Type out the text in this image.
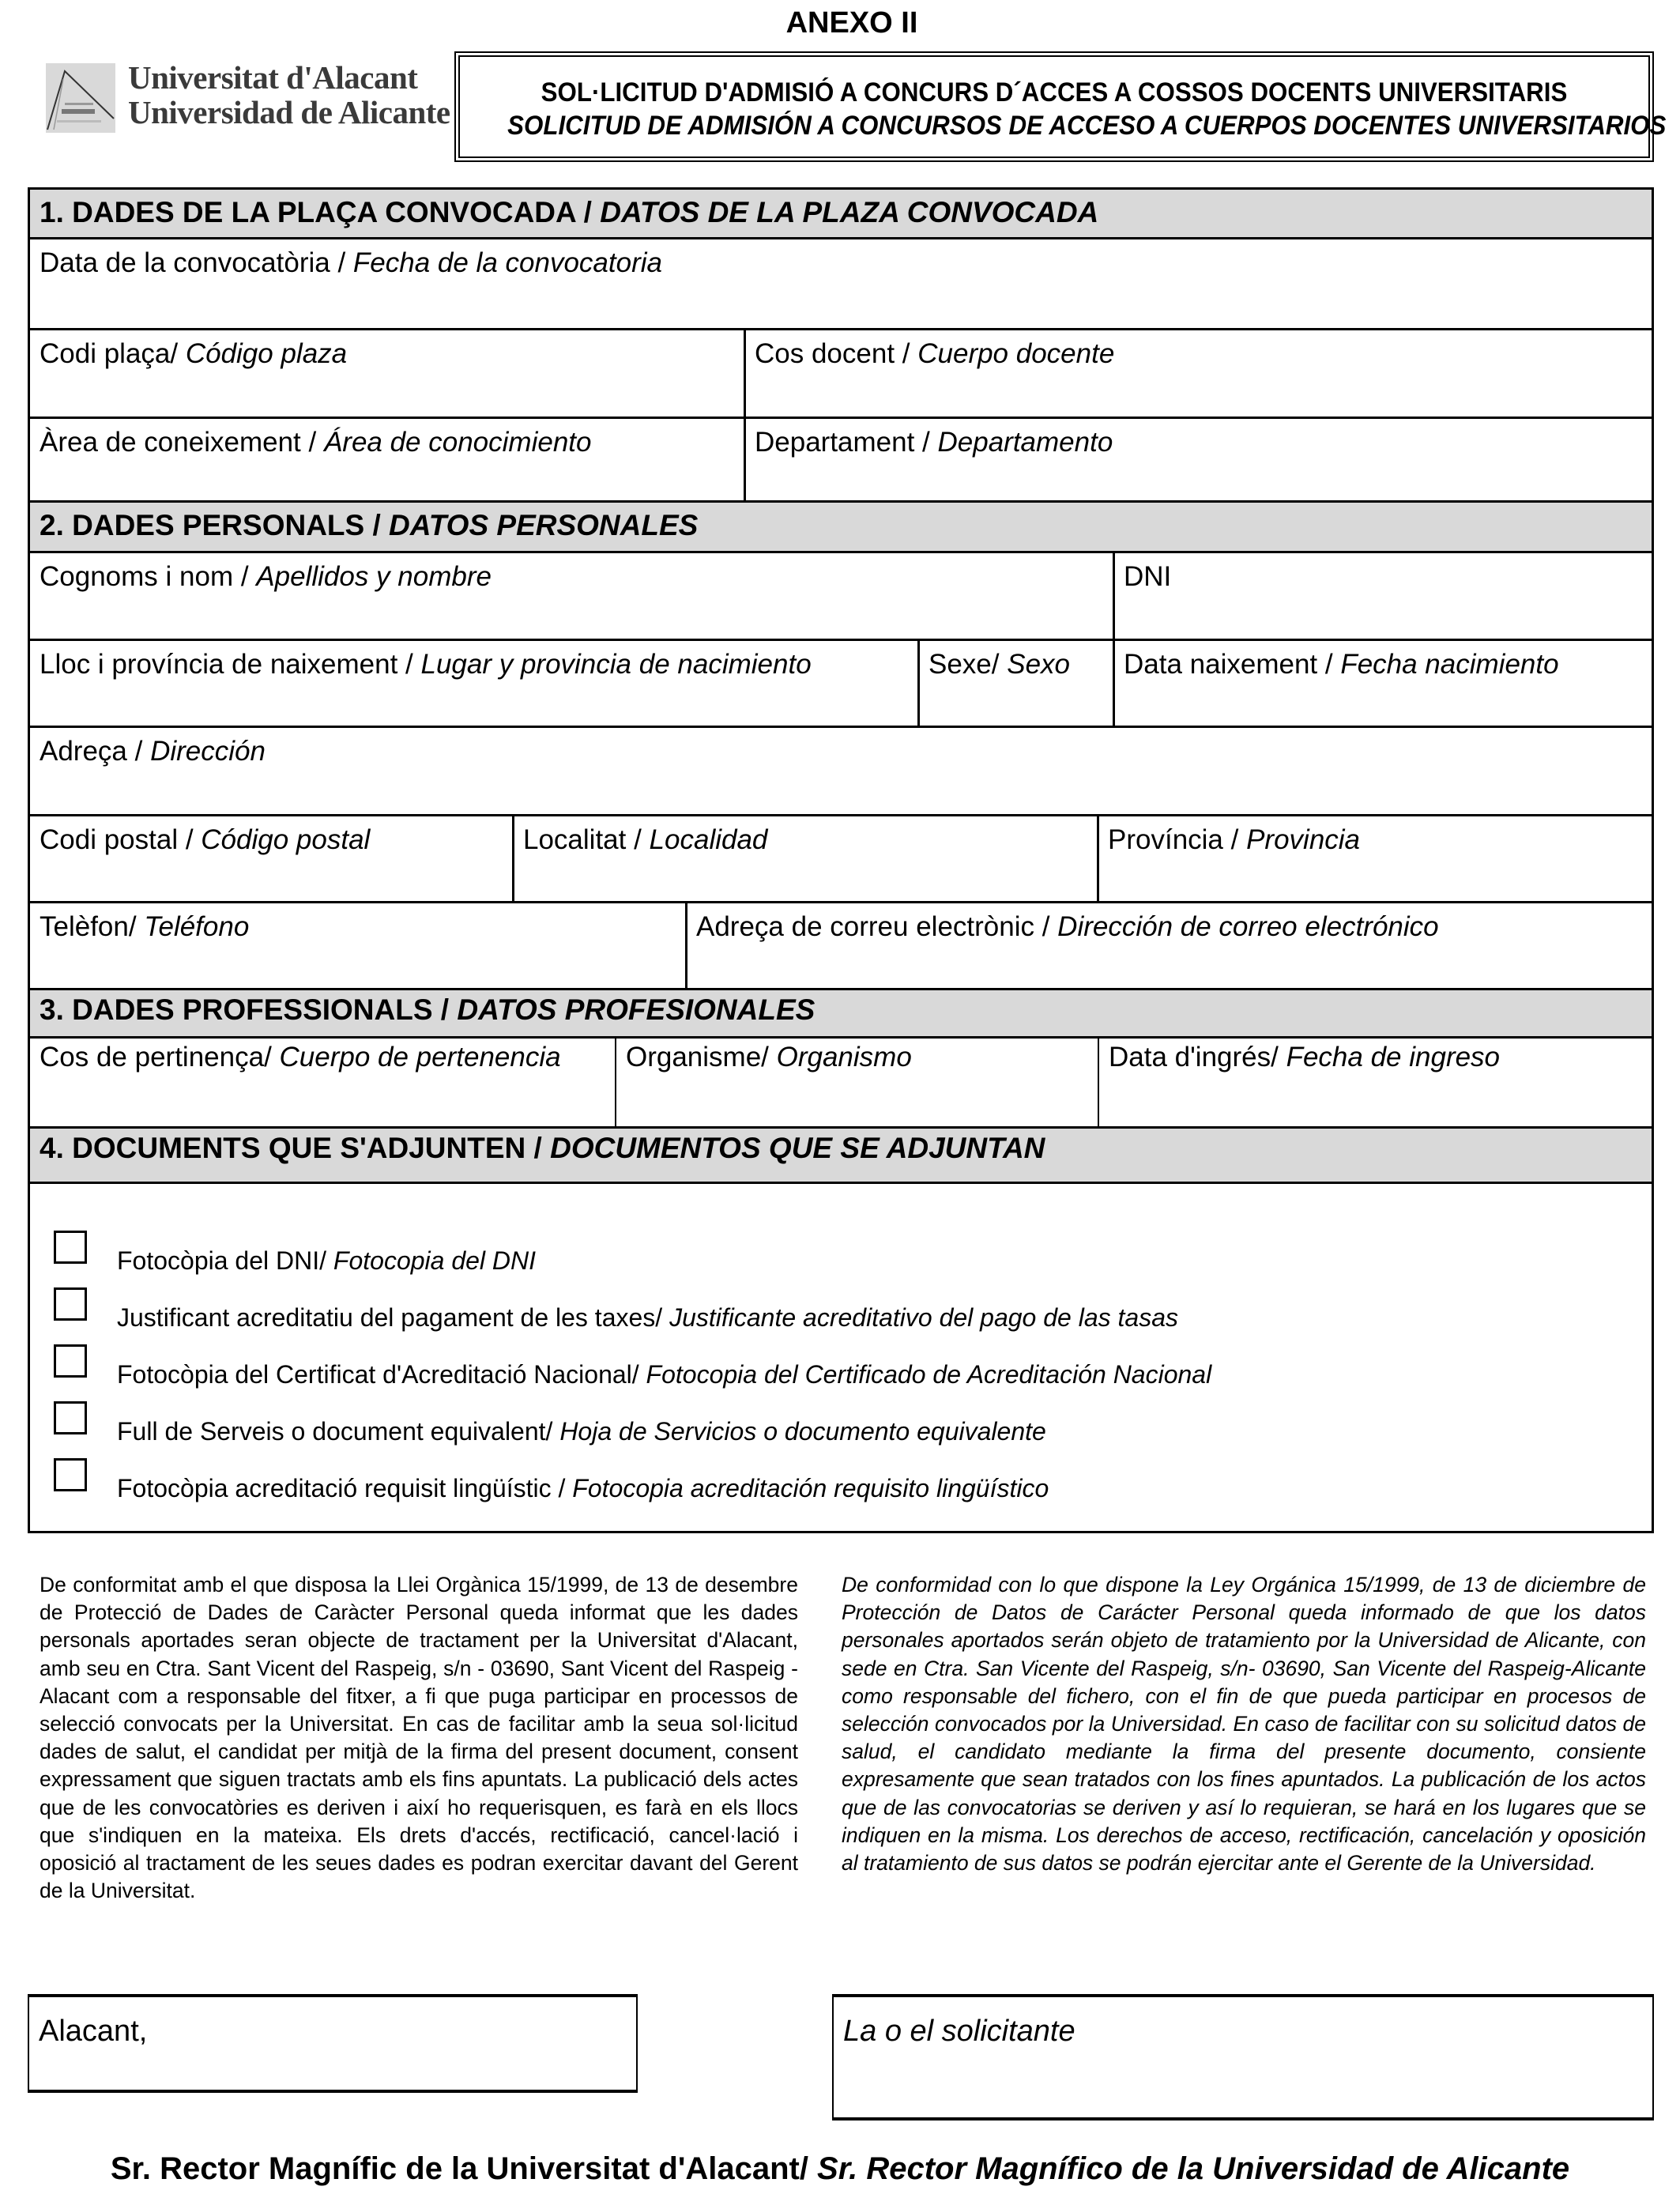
ANEXO II
Universitat d'Alacant
Universidad de Alicante
SOL·LICITUD D'ADMISIÓ A CONCURS D´ACCES A COSSOS DOCENTS UNIVERSITARIS
SOLICITUD DE ADMISIÓN A CONCURSOS DE ACCESO A CUERPOS DOCENTES UNIVERSITARIOS
1. DADES DE LA PLAÇA CONVOCADA / DATOS DE LA PLAZA CONVOCADA
Data de la convocatòria / Fecha de la convocatoria
Codi plaça/ Código plaza	Cos docent / Cuerpo docente
Àrea de coneixement / Área de conocimiento	Departament / Departamento
2. DADES PERSONALS / DATOS PERSONALES
Cognoms i nom / Apellidos y nombre	DNI
Lloc i província de naixement / Lugar y provincia de nacimiento	Sexe/ Sexo	Data naixement / Fecha nacimiento
Adreça / Dirección
Codi postal / Código postal	Localitat / Localidad	Província / Provincia
Telèfon/ Teléfono	Adreça de correu electrònic / Dirección de correo electrónico
3. DADES PROFESSIONALS / DATOS PROFESIONALES
Cos de pertinença/ Cuerpo de pertenencia	Organisme/ Organismo	Data d'ingrés/ Fecha de ingreso
4. DOCUMENTS QUE S'ADJUNTEN / DOCUMENTOS QUE SE ADJUNTAN
Fotocòpia del DNI/ Fotocopia del DNI
Justificant acreditatiu del pagament de les taxes/ Justificante acreditativo del pago de las tasas
Fotocòpia del Certificat d'Acreditació Nacional/ Fotocopia del Certificado de Acreditación Nacional
Full de Serveis o document equivalent/ Hoja de Servicios o documento equivalente
Fotocòpia acreditació requisit lingüístic / Fotocopia acreditación requisito lingüístico
De conformitat amb el que disposa la Llei Orgànica 15/1999, de 13 de desembre de Protecció de Dades de Caràcter Personal queda informat que les dades personals aportades seran objecte de tractament per la Universitat d'Alacant, amb seu en Ctra. Sant Vicent del Raspeig, s/n - 03690, Sant Vicent del Raspeig - Alacant com a responsable del fitxer, a fi que puga participar en processos de selecció convocats per la Universitat. En cas de facilitar amb la seua sol·licitud dades de salut, el candidat per mitjà de la firma del present document, consent expressament que siguen tractats amb els fins apuntats. La publicació dels actes que de les convocatòries es deriven i així ho requerisquen, es farà en els llocs que s'indiquen en la mateixa. Els drets d'accés, rectificació, cancel·lació i oposició al tractament de les seues dades es podran exercitar davant del Gerent de la Universitat.
De conformidad con lo que dispone la Ley Orgánica 15/1999, de 13 de diciembre de Protección de Datos de Carácter Personal queda informado de que los datos personales aportados serán objeto de tratamiento por la Universidad de Alicante, con sede en Ctra. San Vicente del Raspeig, s/n- 03690, San Vicente del Raspeig-Alicante como responsable del fichero, con el fin de que pueda participar en procesos de selección convocados por la Universidad. En caso de facilitar con su solicitud datos de salud, el candidato mediante la firma del presente documento, consiente expresamente que sean tratados con los fines apuntados. La publicación de los actos que de las convocatorias se deriven y así lo requieran, se hará en los lugares que se indiquen en la misma. Los derechos de acceso, rectificación, cancelación y oposición al tratamiento de sus datos se podrán ejercitar ante el Gerente de la Universidad.
Alacant,	La o el solicitante
Sr. Rector Magnífic de la Universitat d'Alacant/ Sr. Rector Magnífico de la Universidad de Alicante
